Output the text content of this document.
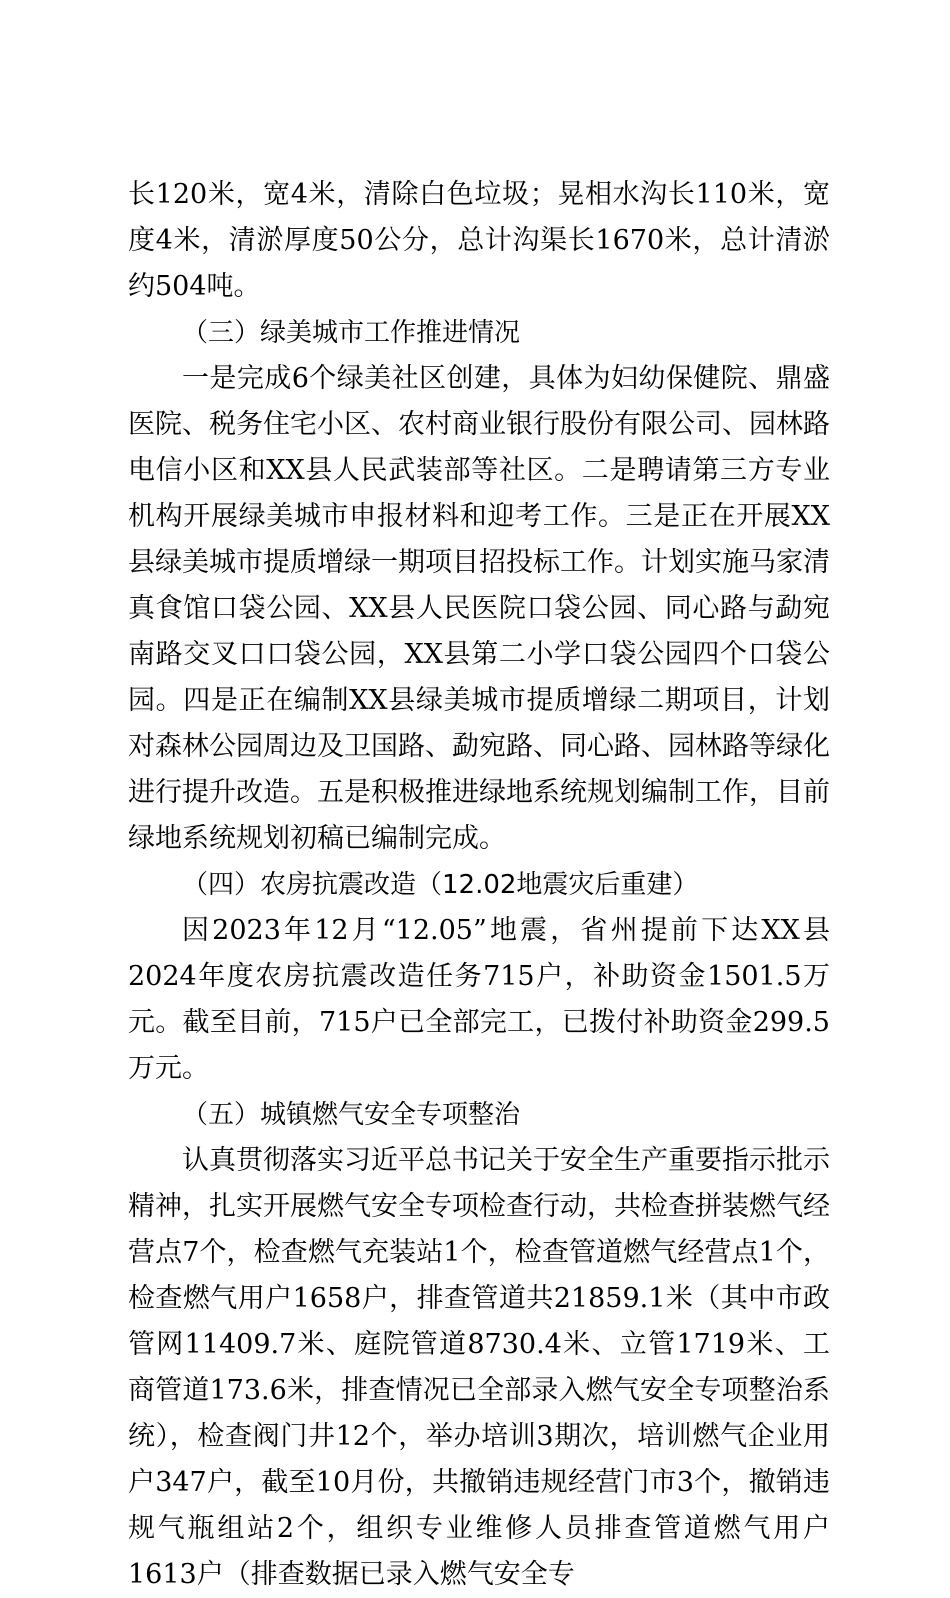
长120米，宽4米，清除白色垃圾；晃相水沟长110米，宽度4米，清淤厚度50公分，总计沟渠长1670米，总计清淤约504吨。

（三）绿美城市工作推进情况

一是完成6个绿美社区创建，具体为妇幼保健院、鼎盛医院、税务住宅小区、农村商业银行股份有限公司、园林路电信小区和XX县人民武装部等社区。二是聘请第三方专业机构开展绿美城市申报材料和迎考工作。三是正在开展XX县绿美城市提质增绿一期项目招投标工作。计划实施马家清真食馆口袋公园、XX县人民医院口袋公园、同心路与勐宛南路交叉口口袋公园，XX县第二小学口袋公园四个口袋公园。四是正在编制XX县绿美城市提质增绿二期项目，计划对森林公园周边及卫国路、勐宛路、同心路、园林路等绿化进行提升改造。五是积极推进绿地系统规划编制工作，目前绿地系统规划初稿已编制完成。

（四）农房抗震改造（12.02地震灾后重建）

因2023年12月“12.05”地震，省州提前下达XX县2024年度农房抗震改造任务715户，补助资金1501.5万元。截至目前，715户已全部完工，已拨付补助资金299.5万元。

（五）城镇燃气安全专项整治

认真贯彻落实习近平总书记关于安全生产重要指示批示精神，扎实开展燃气安全专项检查行动，共检查拼装燃气经营点7个，检查燃气充装站1个，检查管道燃气经营点1个，检查燃气用户1658户，排查管道共21859.1米（其中市政管网11409.7米、庭院管道8730.4米、立管1719米、工商管道173.6米，排查情况已全部录入燃气安全专项整治系统），检查阀门井12个，举办培训3期次，培训燃气企业用户347户，截至10月份，共撤销违规经营门市3个，撤销违规气瓶组站2个，组织专业维修人员排查管道燃气用户1613户（排查数据已录入燃气安全专
